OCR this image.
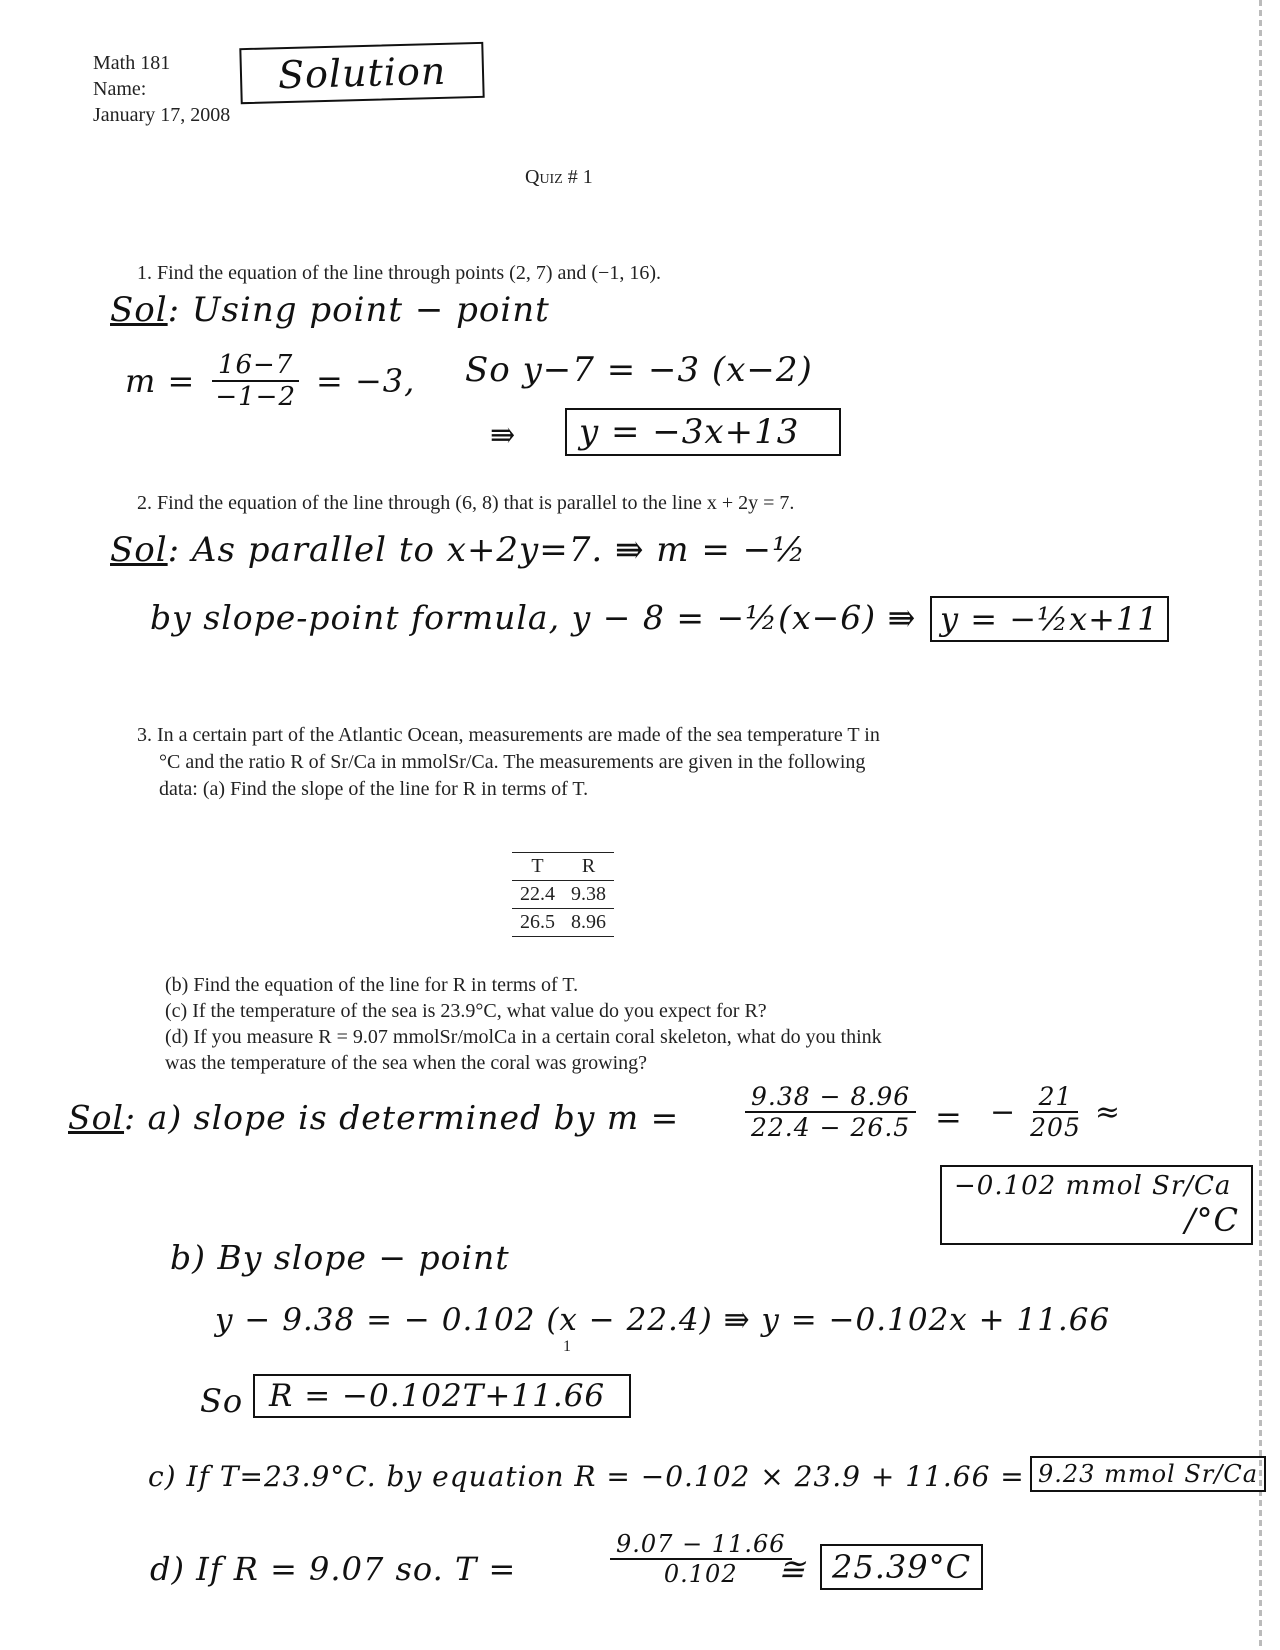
Math 181
Name:
January 17, 2008
Solution
Quiz # 1
1. Find the equation of the line through points (2, 7) and (−1, 16).
Sol: Using point − point
$m = \frac{16-7}{-1-2} = -3$, So y−7 = −3 (x−2)
⇛	y = −3x+13
2. Find the equation of the line through (6, 8) that is parallel to the line x + 2y = 7.
Sol: As parallel to x+2y=7. ⇛ m = −½
by slope-point formula, y − 8 = −½(x−6) ⇛ y = −½x+11
3. In a certain part of the Atlantic Ocean, measurements are made of the sea temperature T in
°C and the ratio R of Sr/Ca in mmolSr/Ca. The measurements are given in the following
data: (a) Find the slope of the line for R in terms of T.
T	R
22.4	9.38
26.5	8.96
(b) Find the equation of the line for R in terms of T.
(c) If the temperature of the sea is 23.9°C, what value do you expect for R?
(d) If you measure R = 9.07 mmolSr/molCa in a certain coral skeleton, what do you think
was the temperature of the sea when the coral was growing?
Sol: a) slope is determined by m =	$\frac{9.38 - 8.96}{22.4 - 26.5}$ = − $\frac{21}{205}$ ≈
−0.102 mmol Sr/Ca
/°C
b) By slope − point
y − 9.38 = − 0.102 (x − 22.4) ⇛ y = −0.102x + 11.66
1
So R = −0.102T+11.66
c) If T=23.9°C. by equation R = −0.102 × 23.9 + 11.66 = 9.23 mmol Sr/Ca
d) If R = 9.07 so. T =	$\frac{9.07 - 11.66}{0.102}$
≅ 25.39°C
